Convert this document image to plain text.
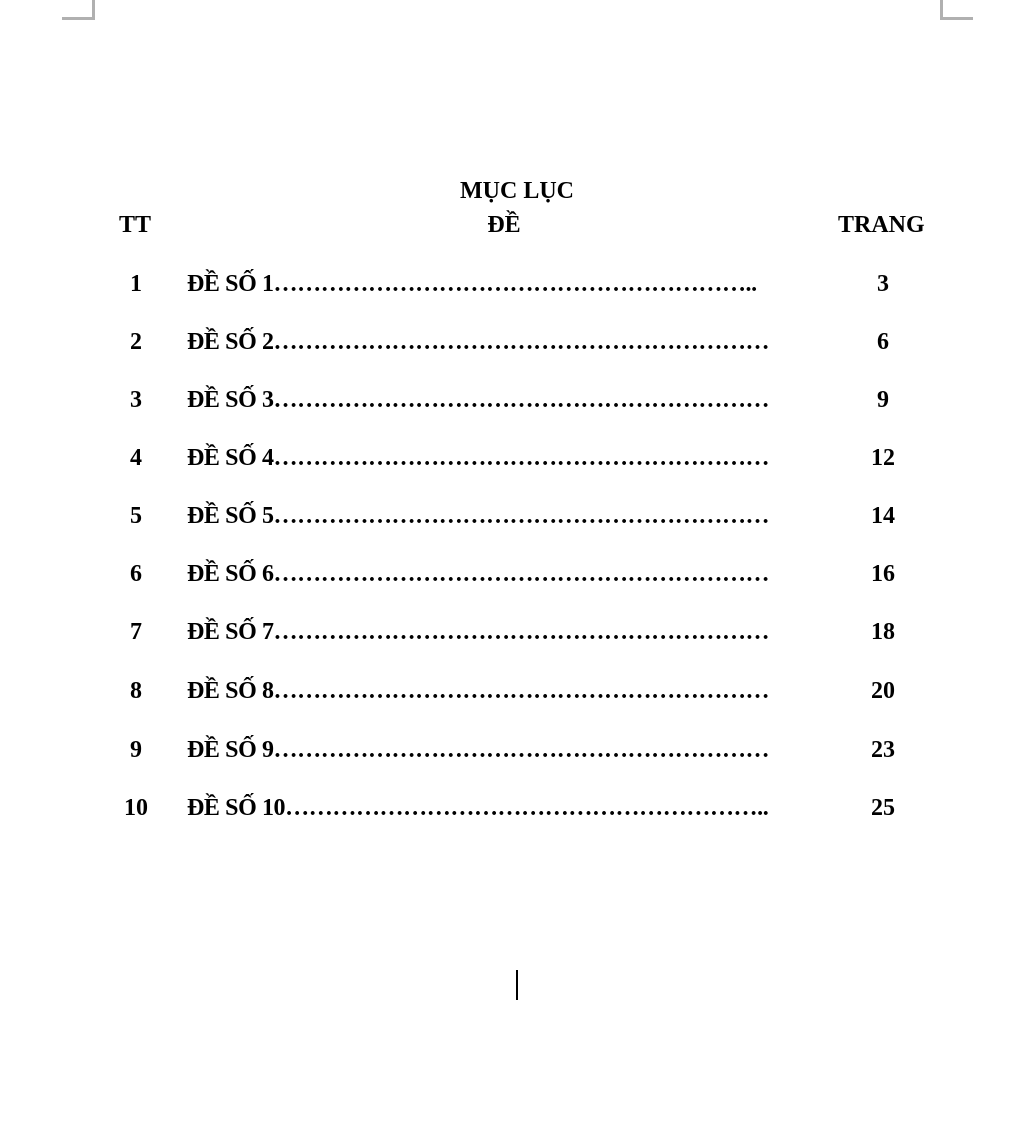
MỤC LỤC
TT	ĐỀ	TRANG
1 ĐỀ SỐ 1……………………………………………………..	3
2 ĐỀ SỐ 2………………………………………………………	6
3 ĐỀ SỐ 3………………………………………………………	9
4 ĐỀ SỐ 4………………………………………………………	12
5 ĐỀ SỐ 5………………………………………………………	14
6 ĐỀ SỐ 6………………………………………………………	16
7 ĐỀ SỐ 7………………………………………………………	18
8 ĐỀ SỐ 8………………………………………………………	20
9 ĐỀ SỐ 9………………………………………………………	23
10 ĐỀ SỐ 10……………………………………………………..	25
